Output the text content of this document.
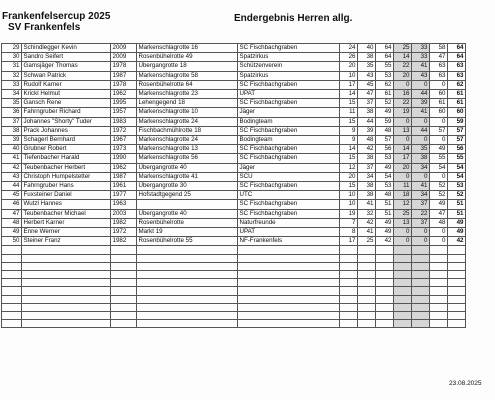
Frankenfelsercup 2025
SV Frankenfels
Endergebnis Herren allg.
29	Schindlegger Kevin	2009	Markenschlagrotte 16	SC Fischbachgraben	24	40	64	25	33	58	64
30	Sandro Seifert	2009	Rosenbühelrotte 49	Spatzirkus	26	38	64	14	33	47	64
31	Gamsjäger Thomas	1978	Übergangrotte 18	Schützenverein	20	35	55	22	41	63	63
32	Schwan Patrick	1987	Markenschlagrotte 58	Spatzirkus	10	43	53	20	43	63	63
33	Rudolf Karner	1978	Rosenbühelrotte 64	SC Fischbachgraben	17	45	62	0	0	0	62
34	Krickl Helmut	1962	Markenschlagrotte 23	UPAT	14	47	61	16	44	60	61
35	Gansch Rene	1995	Lehengegend 18	SC Fischbachgraben	15	37	52	22	39	61	61
36	Fahrngruber Richard	1957	Markenschlagrotte 10	Jäger	11	38	49	19	41	60	60
37	Johannes "Shorty" Tuder	1983	Markenschlagrotte 24	Bodingteam	15	44	59	0	0	0	59
38	Prack Johannes	1972	Fischbachmühlrotte 18	SC Fischbachgraben	9	39	48	13	44	57	57
39	Schagerl Bernhard	1967	Markenschlagrotte 24	Bodingteam	9	48	57	0	0	0	57
40	Grubner Robert	1973	Markenschlagrotte 13	SC Fischbachgraben	14	42	56	14	35	49	56
41	Tiefenbacher Harald	1990	Markenschlagrotte 56	SC Fischbachgraben	15	38	53	17	38	55	55
42	Teubenbacher Herbert	1962	Übergangrotte 40	Jäger	12	37	49	20	34	54	54
43	Christoph Humpelstetter	1987	Markenschlagrotte 41	SCU	20	34	54	0	0	0	54
44	Fahrngruber Hans	1961	Übergangrotte 30	SC Fischbachgraben	15	38	53	11	41	52	53
45	Fuxsteiner Daniel	1977	Hofstadtgegend 25	UTC	10	38	48	18	34	52	52
46	Wutzl Hannes	1963		SC Fischbachgraben	10	41	51	12	37	49	51
47	Teubenbacher Michael	2003	Übergangrotte 40	SC Fischbachgraben	19	32	51	25	22	47	51
48	Herbert Karner	1982	Rosenbühelrotte	Naturfreunde	7	42	49	13	37	48	49
49	Enne Werner	1972	Markt 19	UPAT	8	41	49	0	0	0	49
50	Steiner Franz	1982	Rosenbühelrotte 55	NF-Frankenfels	17	25	42	0	0	0	42

23.08.2025
